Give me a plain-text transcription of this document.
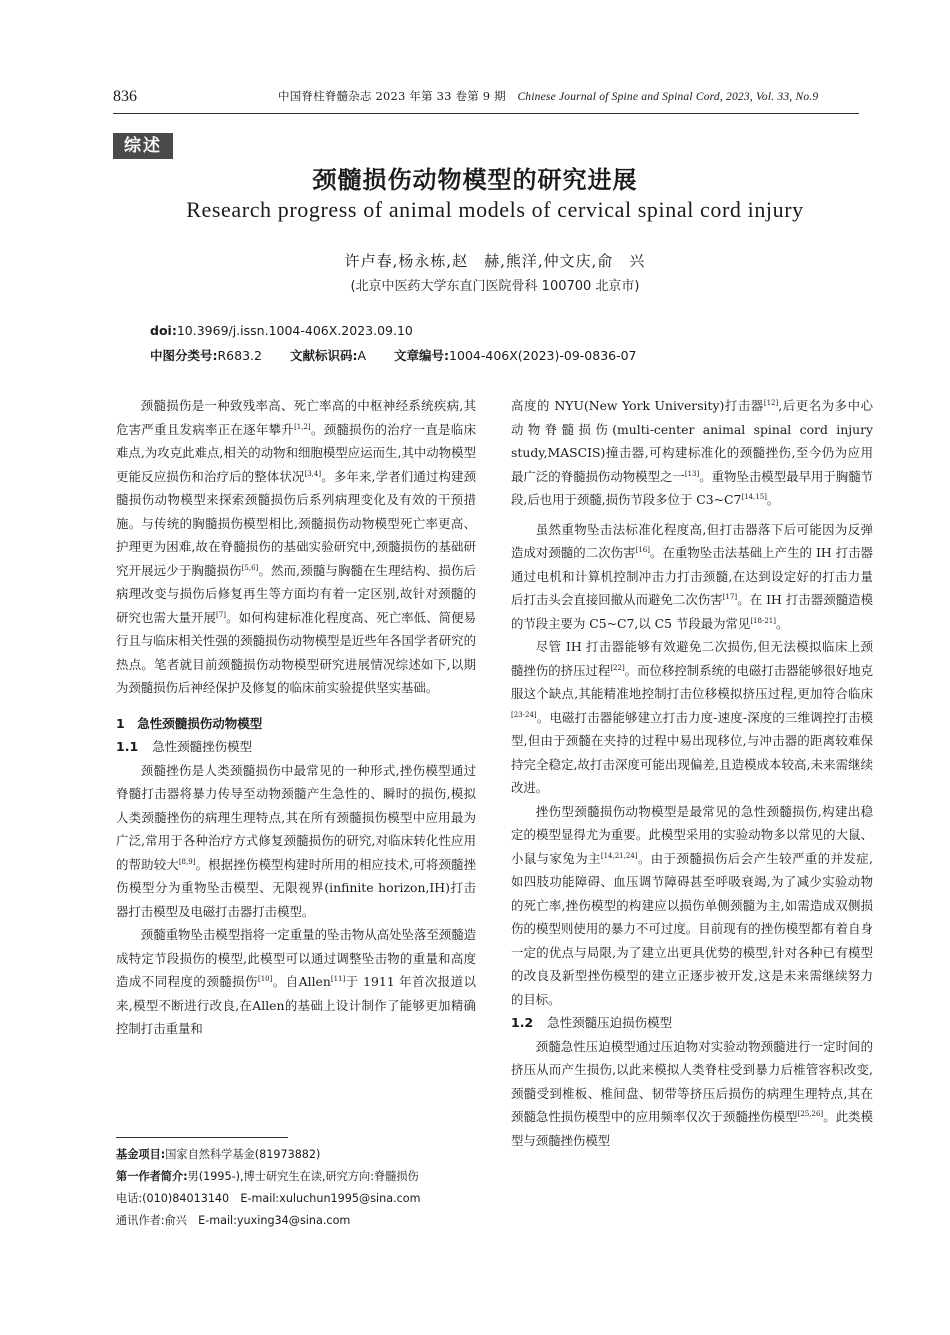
836	中国脊柱脊髓杂志 2023 年第 33 卷第 9 期 Chinese Journal of Spine and Spinal Cord, 2023, Vol. 33, No.9
综述
颈髓损伤动物模型的研究进展
Research progress of animal models of cervical spinal cord injury
许卢春,杨永栋,赵　赫,熊洋,仲文庆,俞　兴
(北京中医药大学东直门医院骨科 100700 北京市)
doi:10.3969/j.issn.1004-406X.2023.09.10
中图分类号:R683.2 文献标识码:A 文章编号:1004-406X(2023)-09-0836-07

颈髓损伤是一种致残率高、死亡率高的中枢神经系统疾病,其危害严重且发病率正在逐年攀升[1,2]。颈髓损伤的治疗一直是临床难点,为攻克此难点,相关的动物和细胞模型应运而生,其中动物模型更能反应损伤和治疗后的整体状况[3,4]。多年来,学者们通过构建颈髓损伤动物模型来探索颈髓损伤后系列病理变化及有效的干预措施。与传统的胸髓损伤模型相比,颈髓损伤动物模型死亡率更高、护理更为困难,故在脊髓损伤的基础实验研究中,颈髓损伤的基础研究开展远少于胸髓损伤[5,6]。然而,颈髓与胸髓在生理结构、损伤后病理改变与损伤后修复再生等方面均有着一定区别,故针对颈髓的研究也需大量开展[7]。如何构建标准化程度高、死亡率低、简便易行且与临床相关性强的颈髓损伤动物模型是近些年各国学者研究的热点。笔者就目前颈髓损伤动物模型研究进展情况综述如下,以期为颈髓损伤后神经保护及修复的临床前实验提供坚实基础。

1　急性颈髓损伤动物模型

1.1 急性颈髓挫伤模型

颈髓挫伤是人类颈髓损伤中最常见的一种形式,挫伤模型通过脊髓打击器将暴力传导至动物颈髓产生急性的、瞬时的损伤,模拟人类颈髓挫伤的病理生理特点,其在所有颈髓损伤模型中应用最为广泛,常用于各种治疗方式修复颈髓损伤的研究,对临床转化性应用的帮助较大[8,9]。根据挫伤模型构建时所用的相应技术,可将颈髓挫伤模型分为重物坠击模型、无限视界(infinite horizon,IH)打击器打击模型及电磁打击器打击模型。

颈髓重物坠击模型指将一定重量的坠击物从高处坠落至颈髓造成特定节段损伤的模型,此模型可以通过调整坠击物的重量和高度造成不同程度的颈髓损伤[10]。自Allen[11]于 1911 年首次报道以来,模型不断进行改良,在Allen的基础上设计制作了能够更加精确控制打击重量和

高度的 NYU(New York University)打击器[12],后更名为多中心动物脊髓损伤(multi-center animal spinal cord injury study,MASCIS)撞击器,可构建标准化的颈髓挫伤,至今仍为应用最广泛的脊髓损伤动物模型之一[13]。重物坠击模型最早用于胸髓节段,后也用于颈髓,损伤节段多位于 C3~C7[14,15]。

虽然重物坠击法标准化程度高,但打击器落下后可能因为反弹造成对颈髓的二次伤害[16]。在重物坠击法基础上产生的 IH 打击器通过电机和计算机控制冲击力打击颈髓,在达到设定好的打击力量后打击头会直接回撤从而避免二次伤害[17]。在 IH 打击器颈髓造模的节段主要为 C5~C7,以 C5 节段最为常见[18-21]。

尽管 IH 打击器能够有效避免二次损伤,但无法模拟临床上颈髓挫伤的挤压过程[22]。而位移控制系统的电磁打击器能够很好地克服这个缺点,其能精准地控制打击位移模拟挤压过程,更加符合临床[23-24]。电磁打击器能够建立打击力度-速度-深度的三维调控打击模型,但由于颈髓在夹持的过程中易出现移位,与冲击器的距离较难保持完全稳定,故打击深度可能出现偏差,且造模成本较高,未来需继续改进。

挫伤型颈髓损伤动物模型是最常见的急性颈髓损伤,构建出稳定的模型显得尤为重要。此模型采用的实验动物多以常见的大鼠、小鼠与家兔为主[14,21,24]。由于颈髓损伤后会产生较严重的并发症,如四肢功能障碍、血压调节障碍甚至呼吸衰竭,为了减少实验动物的死亡率,挫伤模型的构建应以损伤单侧颈髓为主,如需造成双侧损伤的模型则使用的暴力不可过度。目前现有的挫伤模型都有着自身一定的优点与局限,为了建立出更具优势的模型,针对各种已有模型的改良及新型挫伤模型的建立正逐步被开发,这是未来需继续努力的目标。

1.2 急性颈髓压迫损伤模型

颈髓急性压迫模型通过压迫物对实验动物颈髓进行一定时间的挤压从而产生损伤,以此来模拟人类脊柱受到暴力后椎管容积改变,颈髓受到椎板、椎间盘、韧带等挤压后损伤的病理生理特点,其在颈髓急性损伤模型中的应用频率仅次于颈髓挫伤模型[25,26]。此类模型与颈髓挫伤模型

基金项目:国家自然科学基金(81973882)
第一作者简介:男(1995-),博士研究生在读,研究方向:脊髓损伤
电话:(010)84013140　E-mail:xuluchun1995@sina.com
通讯作者:俞兴　E-mail:yuxing34@sina.com
